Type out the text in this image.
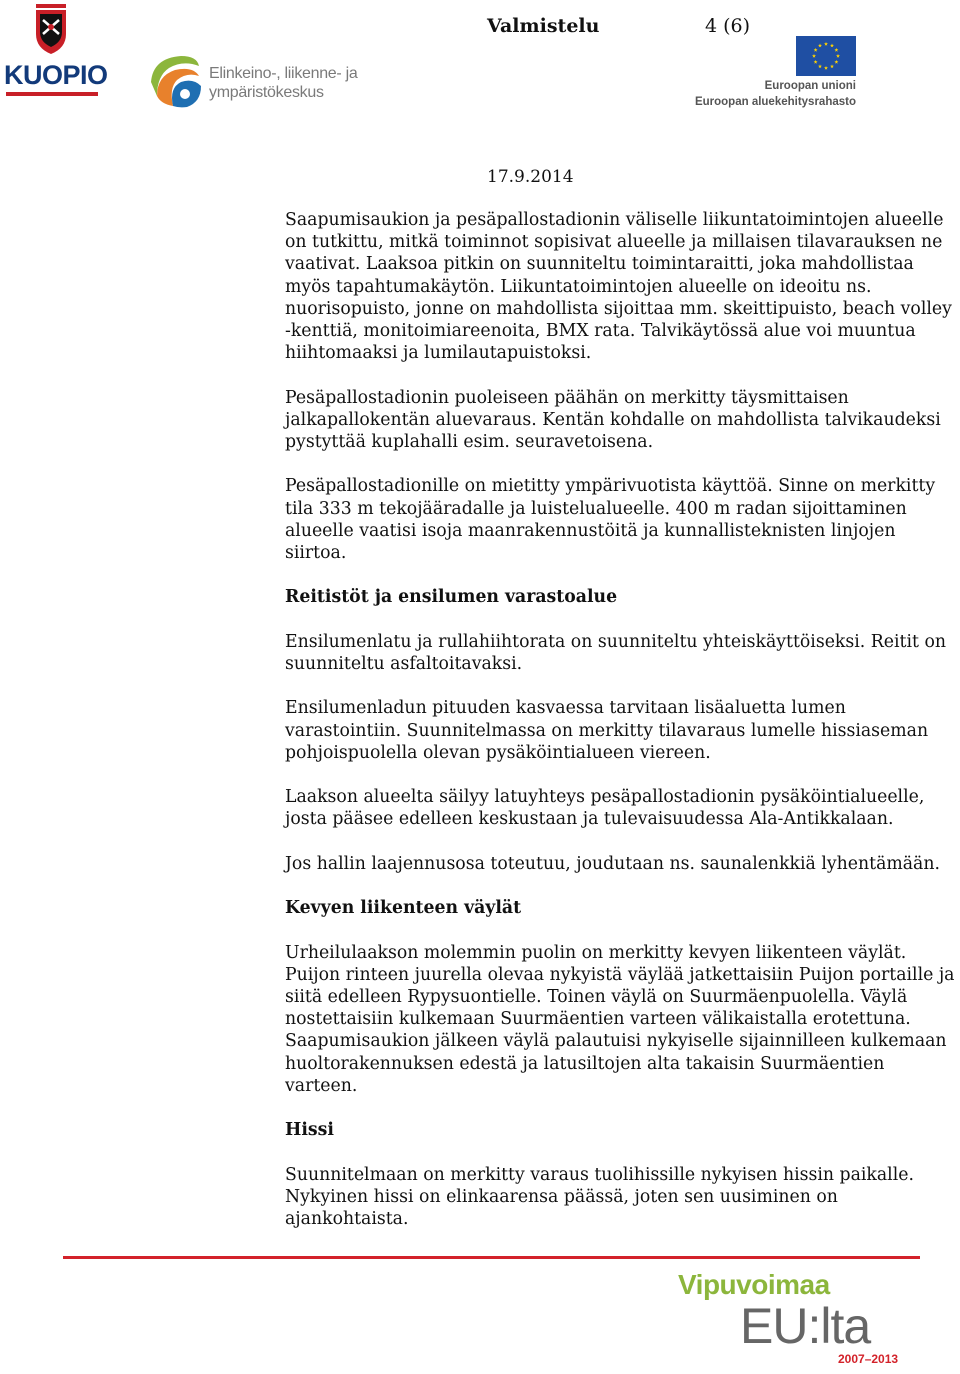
KUOPIO	Elinkeino-, liikenne- ja
ympäristökeskus
Valmistelu	4 (6)
Euroopan unioni
Euroopan aluekehitysrahasto
17.9.2014

Saapumisaukion ja pesäpallostadionin väliselle liikuntatoimintojen alueelle on tutkittu, mitkä toiminnot sopisivat alueelle ja millaisen tilavarauksen ne vaativat. Laaksoa pitkin on suunniteltu toimintaraitti, joka mahdollistaa myös tapahtumakäytön. Liikuntatoimintojen alueelle on ideoitu ns. nuorisopuisto, jonne on mahdollista sijoittaa mm. skeittipuisto, beach volley -kenttiä, monitoimiareenoita, BMX rata. Talvikäytössä alue voi muuntua hiihtomaaksi ja lumilautapuistoksi.

Pesäpallostadionin puoleiseen päähän on merkitty täysmittaisen jalkapallokentän aluevaraus. Kentän kohdalle on mahdollista talvikaudeksi pystyttää kuplahalli esim. seuravetoisena.

Pesäpallostadionille on mietitty ympärivuotista käyttöä. Sinne on merkitty tila 333 m tekojääradalle ja luistelualueelle. 400 m radan sijoittaminen alueelle vaatisi isoja maanrakennustöitä ja kunnallisteknisten linjojen siirtoa.

Reitistöt ja ensilumen varastoalue

Ensilumenlatu ja rullahiihtorata on suunniteltu yhteiskäyttöiseksi. Reitit on suunniteltu asfaltoitavaksi.

Ensilumenladun pituuden kasvaessa tarvitaan lisäaluetta lumen varastointiin. Suunnitelmassa on merkitty tilavaraus lumelle hissiaseman pohjoispuolella olevan pysäköintialueen viereen.

Laakson alueelta säilyy latuyhteys pesäpallostadionin pysäköintialueelle, josta pääsee edelleen keskustaan ja tulevaisuudessa Ala-Antikkalaan.

Jos hallin laajennusosa toteutuu, joudutaan ns. saunalenkkiä lyhentämään.

Kevyen liikenteen väylät

Urheilulaakson molemmin puolin on merkitty kevyen liikenteen väylät. Puijon rinteen juurella olevaa nykyistä väylää jatkettaisiin Puijon portaille ja siitä edelleen Rypysuontielle. Toinen väylä on Suurmäenpuolella. Väylä nostettaisiin kulkemaan Suurmäentien varteen välikaistalla erotettuna. Saapumisaukion jälkeen väylä palautuisi nykyiselle sijainnilleen kulkemaan huoltorakennuksen edestä ja latusiltojen alta takaisin Suurmäentien varteen.

Hissi

Suunnitelmaan on merkitty varaus tuolihissille nykyisen hissin paikalle. Nykyinen hissi on elinkaarensa päässä, joten sen uusiminen on ajankohtaista.

Vipuvoimaa
EU:lta
2007–2013
